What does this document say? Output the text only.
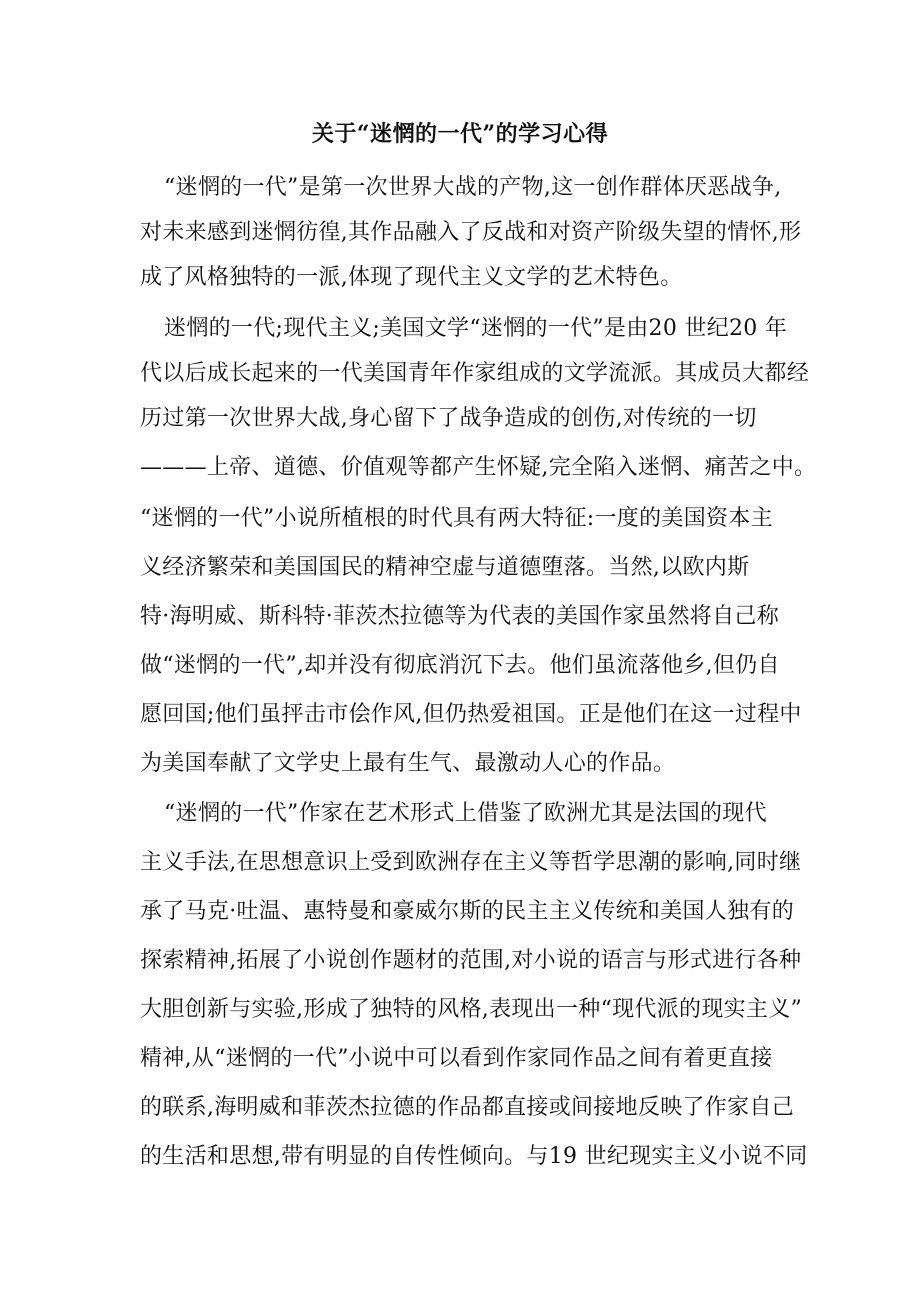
关于“迷惘的一代”的学习心得
“迷惘的一代”是第一次世界大战的产物,这一创作群体厌恶战争,
对未来感到迷惘彷徨,其作品融入了反战和对资产阶级失望的情怀,形
成了风格独特的一派,体现了现代主义文学的艺术特色。
迷惘的一代;现代主义;美国文学“迷惘的一代”是由20 世纪20 年
代以后成长起来的一代美国青年作家组成的文学流派。其成员大都经
历过第一次世界大战,身心留下了战争造成的创伤,对传统的一切
———上帝、道德、价值观等都产生怀疑,完全陷入迷惘、痛苦之中。
“迷惘的一代”小说所植根的时代具有两大特征:一度的美国资本主
义经济繁荣和美国国民的精神空虚与道德堕落。当然,以欧内斯
特·海明威、斯科特·菲茨杰拉德等为代表的美国作家虽然将自己称
做“迷惘的一代”,却并没有彻底消沉下去。他们虽流落他乡,但仍自
愿回国;他们虽抨击市侩作风,但仍热爱祖国。正是他们在这一过程中
为美国奉献了文学史上最有生气、最激动人心的作品。
“迷惘的一代”作家在艺术形式上借鉴了欧洲尤其是法国的现代
主义手法,在思想意识上受到欧洲存在主义等哲学思潮的影响,同时继
承了马克·吐温、惠特曼和豪威尔斯的民主主义传统和美国人独有的
探索精神,拓展了小说创作题材的范围,对小说的语言与形式进行各种
大胆创新与实验,形成了独特的风格,表现出一种“现代派的现实主义”
精神,从“迷惘的一代”小说中可以看到作家同作品之间有着更直接
的联系,海明威和菲茨杰拉德的作品都直接或间接地反映了作家自己
的生活和思想,带有明显的自传性倾向。与19 世纪现实主义小说不同
